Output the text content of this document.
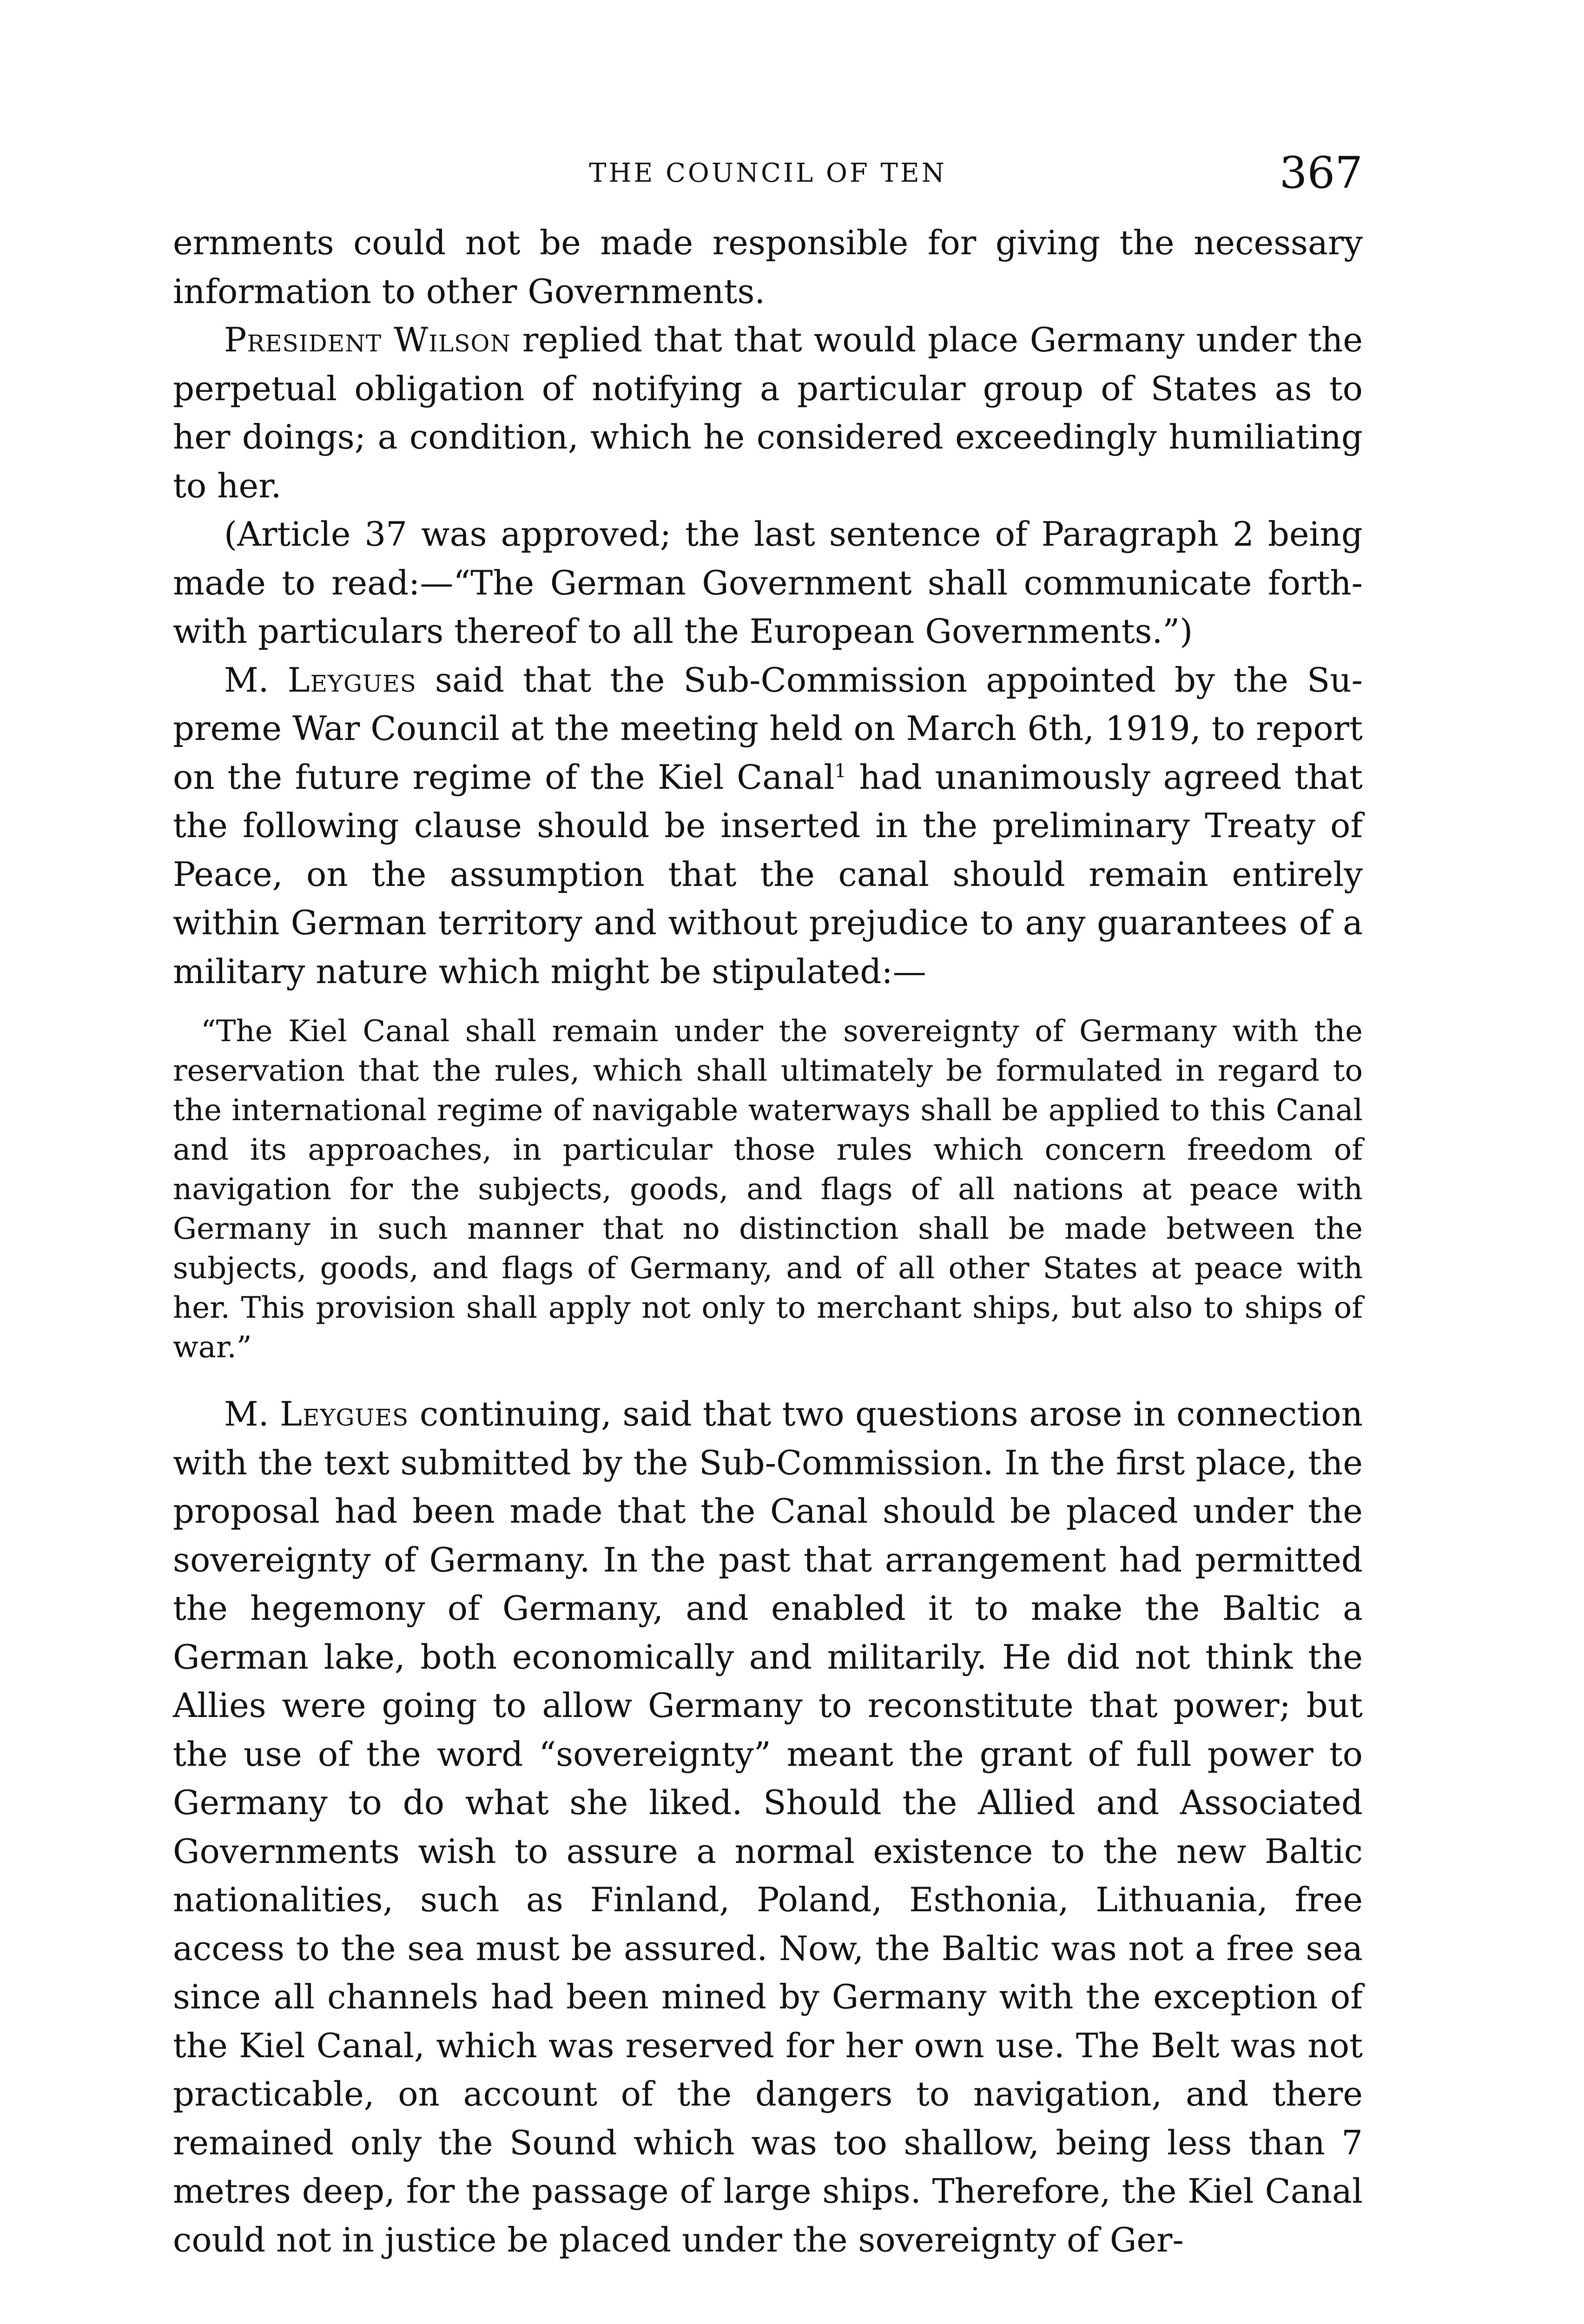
THE COUNCIL OF TEN	367

ernments could not be made responsible for giving the necessary information to other Governments.

President Wilson replied that that would place Germany under the perpetual obligation of notifying a particular group of States as to her doings; a condition, which he considered exceedingly humiliating to her.

(Article 37 was approved; the last sentence of Paragraph 2 being made to read:—“The German Government shall communicate forthwith particulars thereof to all the European Governments.”)

M. Leygues said that the Sub-Commission appointed by the Supreme War Council at the meeting held on March 6th, 1919, to report on the future regime of the Kiel Canal$^1$ had unanimously agreed that the following clause should be inserted in the preliminary Treaty of Peace, on the assumption that the canal should remain entirely within German territory and without prejudice to any guarantees of a military nature which might be stipulated:—

“The Kiel Canal shall remain under the sovereignty of Germany with the reservation that the rules, which shall ultimately be formulated in regard to the international regime of navigable waterways shall be applied to this Canal and its approaches, in particular those rules which concern freedom of navigation for the subjects, goods, and flags of all nations at peace with Germany in such manner that no distinction shall be made between the subjects, goods, and flags of Germany, and of all other States at peace with her. This provision shall apply not only to merchant ships, but also to ships of war.”

M. Leygues continuing, said that two questions arose in connection with the text submitted by the Sub-Commission. In the first place, the proposal had been made that the Canal should be placed under the sovereignty of Germany. In the past that arrangement had permitted the hegemony of Germany, and enabled it to make the Baltic a German lake, both economically and militarily. He did not think the Allies were going to allow Germany to reconstitute that power; but the use of the word “sovereignty” meant the grant of full power to Germany to do what she liked. Should the Allied and Associated Governments wish to assure a normal existence to the new Baltic nationalities, such as Finland, Poland, Esthonia, Lithuania, free access to the sea must be assured. Now, the Baltic was not a free sea since all channels had been mined by Germany with the exception of the Kiel Canal, which was reserved for her own use. The Belt was not practicable, on account of the dangers to navigation, and there remained only the Sound which was too shallow, being less than 7 metres deep, for the passage of large ships. Therefore, the Kiel Canal could not in justice be placed under the sovereignty of Ger-
